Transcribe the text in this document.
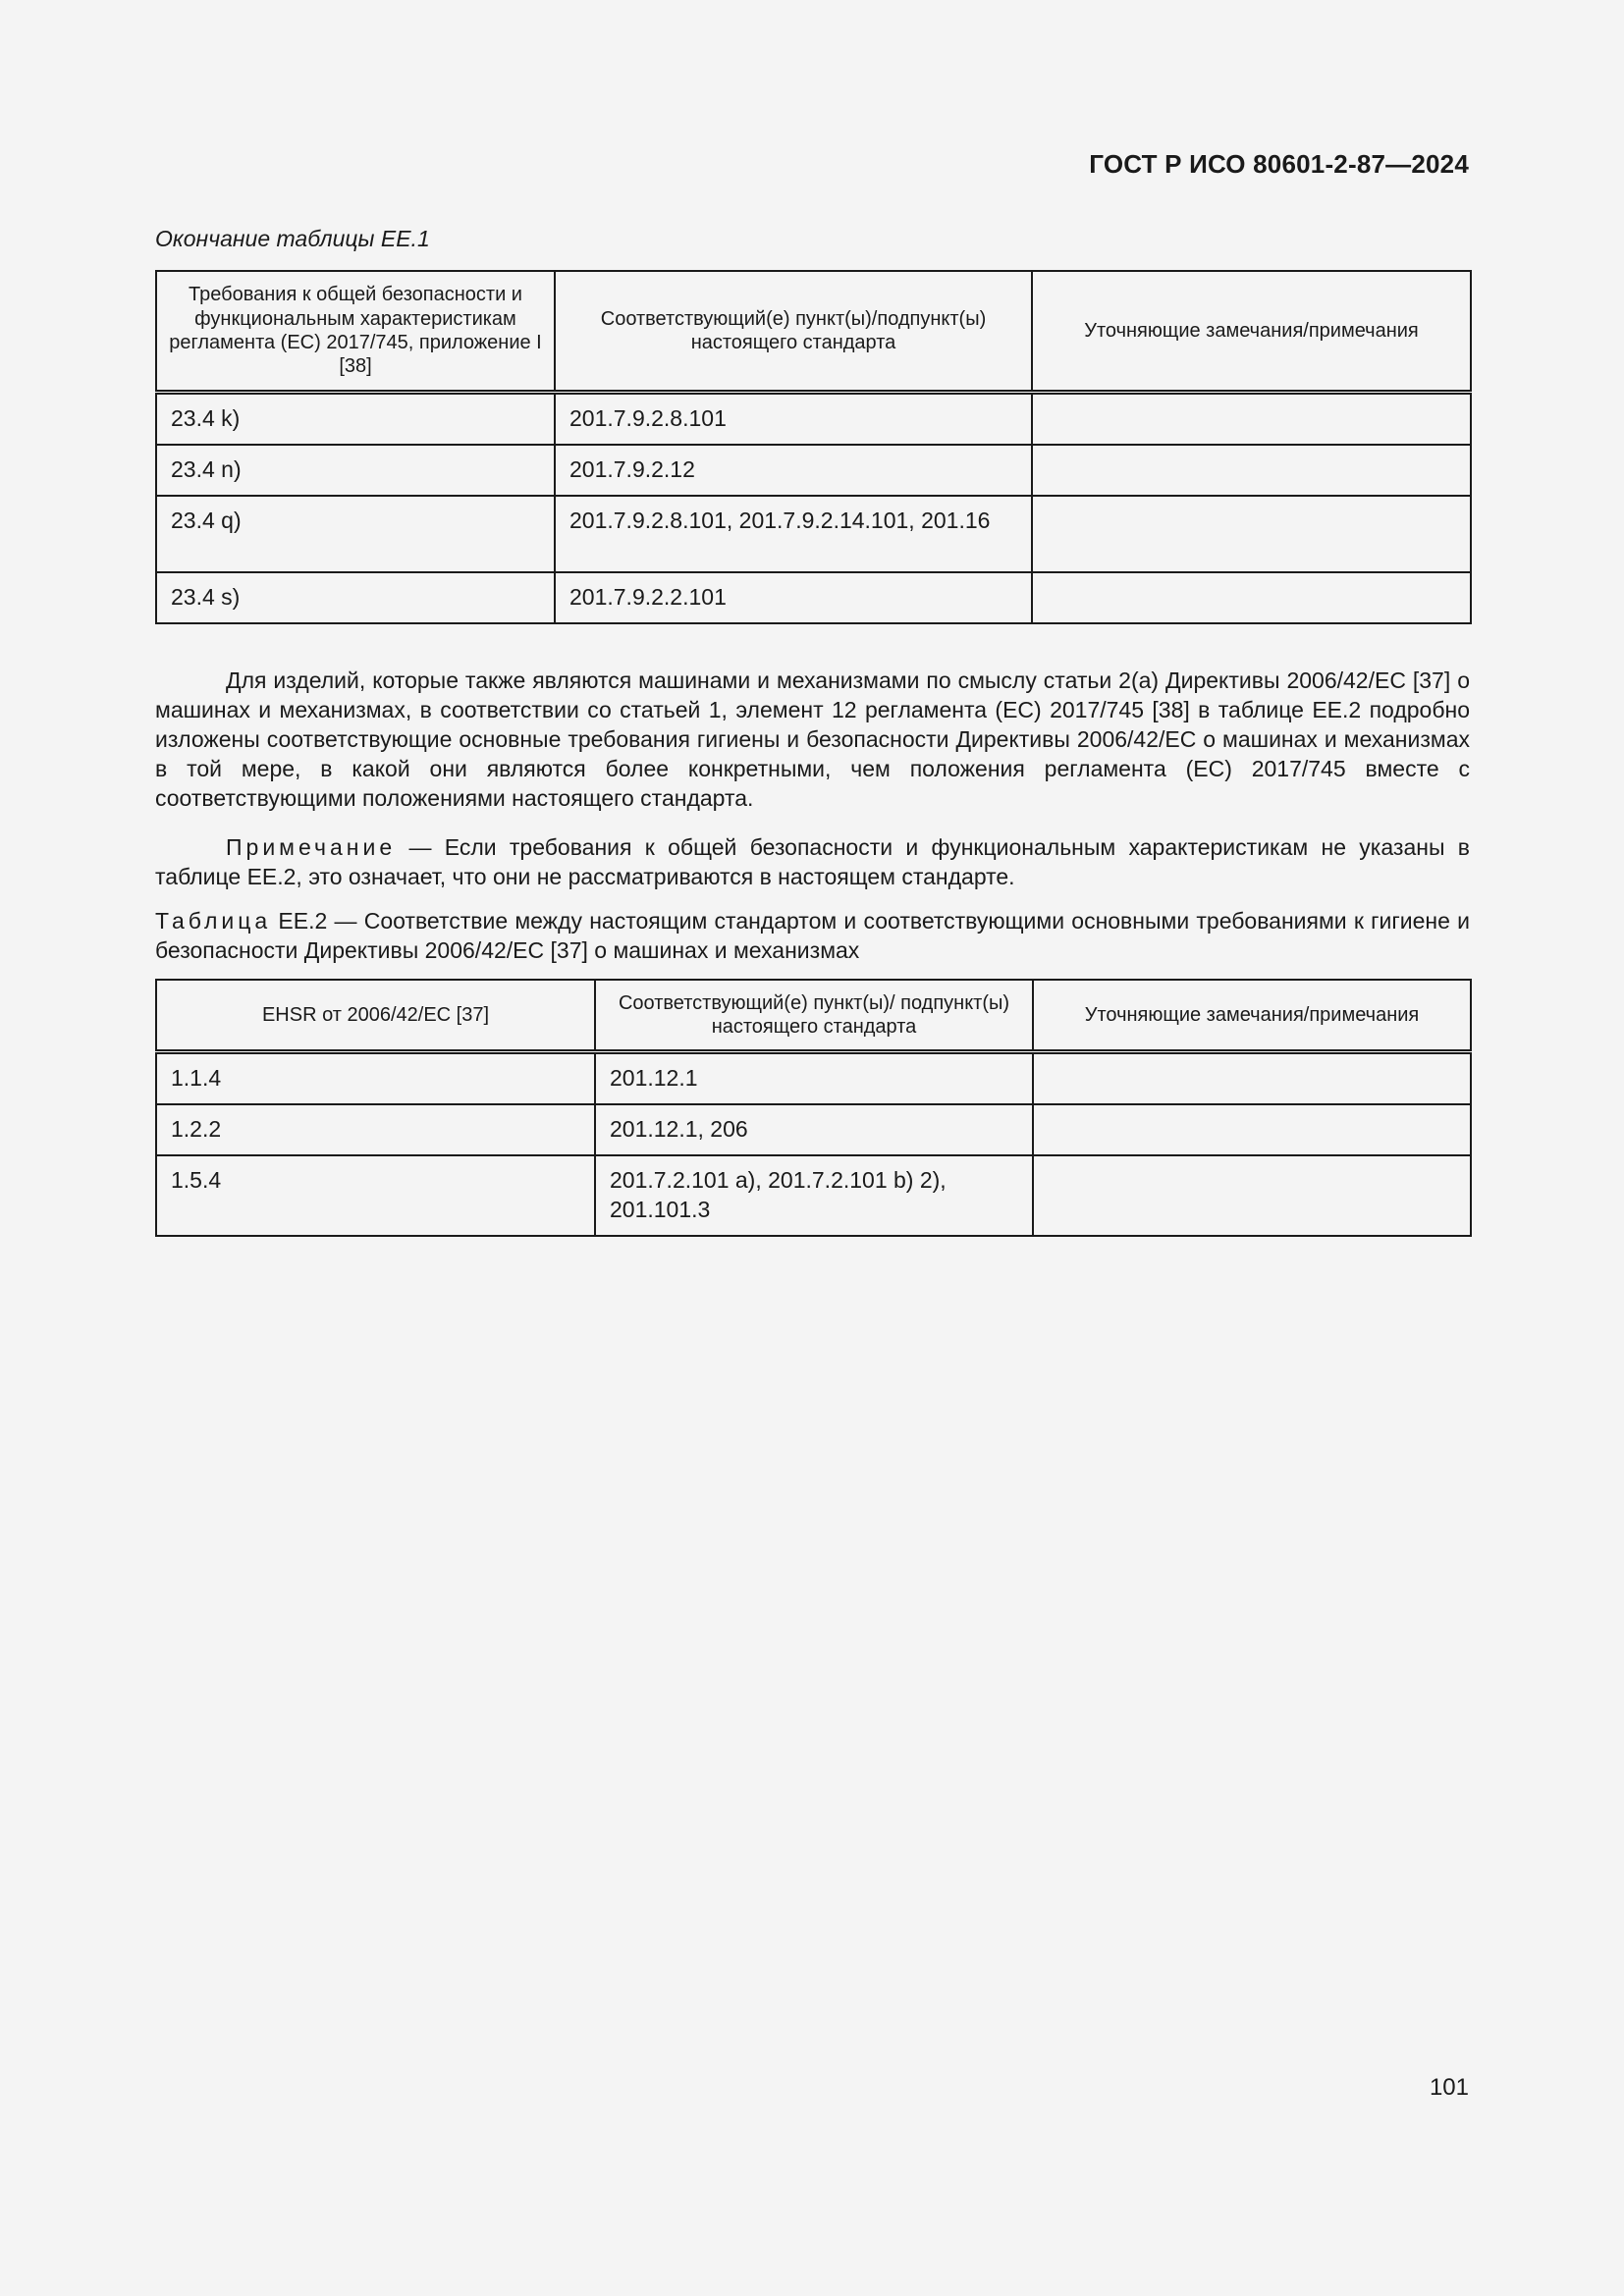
ГОСТ Р ИСО 80601-2-87—2024
Окончание таблицы ЕЕ.1
Требования к общей безопасности и функциональным характеристикам регламента (ЕС) 2017/745, приложение I [38]	Соответствующий(е) пункт(ы)/подпункт(ы) настоящего стандарта	Уточняющие замечания/примечания
23.4 k)	201.7.9.2.8.101	
23.4 n)	201.7.9.2.12	
23.4 q)	201.7.9.2.8.101, 201.7.9.2.14.101, 201.16	
23.4 s)	201.7.9.2.2.101	

Для изделий, которые также являются машинами и механизмами по смыслу статьи 2(а) Директивы 2006/42/ЕС [37] о машинах и механизмах, в соответствии со статьей 1, элемент 12 регламента (ЕС) 2017/745 [38] в таблице ЕЕ.2 подробно изложены соответствующие основные требования гигиены и безопасности Директивы 2006/42/ЕС о машинах и механизмах в той мере, в какой они являются более конкретными, чем положения регламента (ЕС) 2017/745 вместе с соответствующими положениями настоящего стандарта.

Примечание — Если требования к общей безопасности и функциональным характеристикам не указаны в таблице ЕЕ.2, это означает, что они не рассматриваются в настоящем стандарте.

Таблица ЕЕ.2 — Соответствие между настоящим стандартом и соответствующими основными требованиями к гигиене и безопасности Директивы 2006/42/ЕС [37] о машинах и механизмах
EHSR от 2006/42/ЕС [37]	Соответствующий(е) пункт(ы)/ подпункт(ы) настоящего стандарта	Уточняющие замечания/примечания
1.1.4	201.12.1	
1.2.2	201.12.1, 206	
1.5.4	201.7.2.101 a), 201.7.2.101 b) 2), 201.101.3	
101
